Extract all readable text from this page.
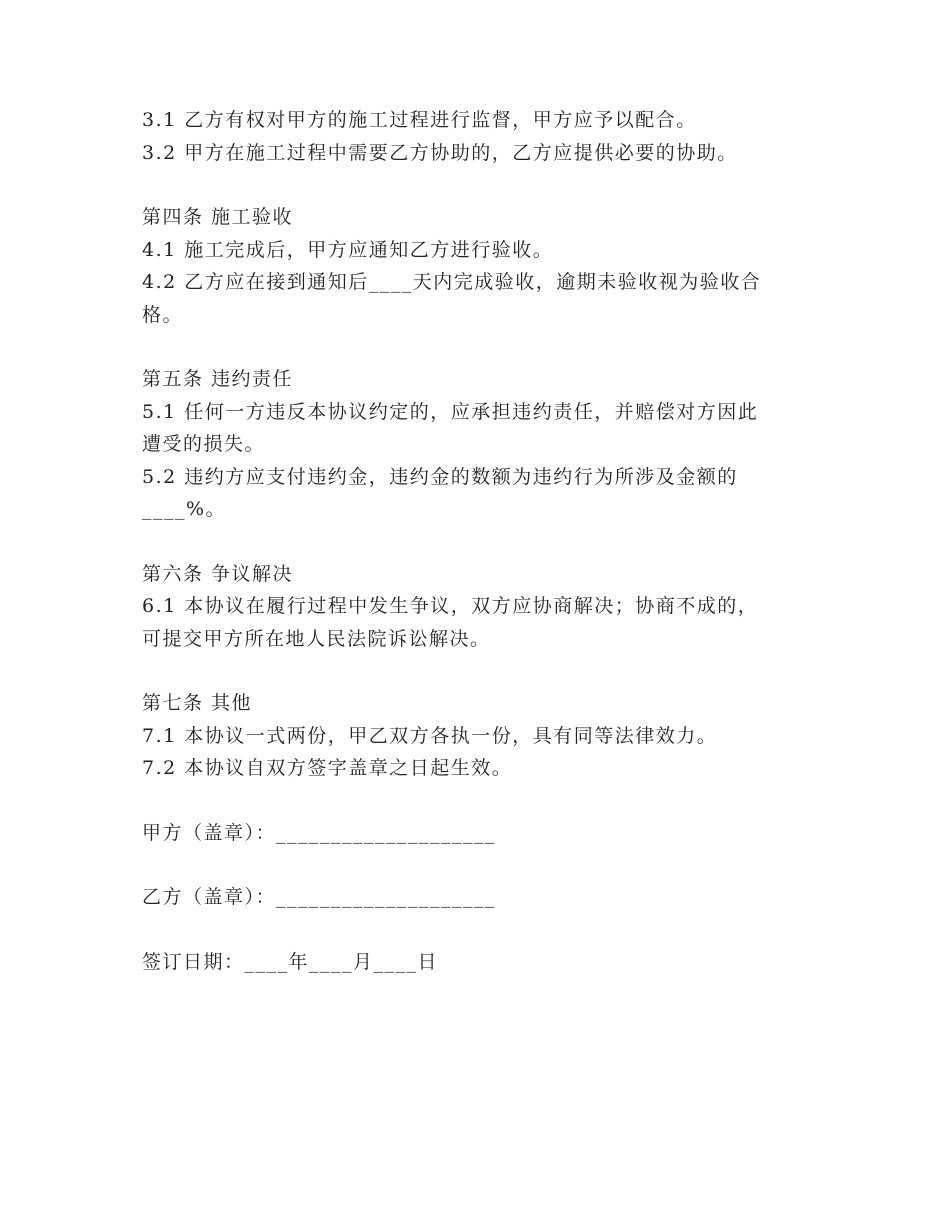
3.1 乙方有权对甲方的施工过程进行监督，甲方应予以配合。

3.2 甲方在施工过程中需要乙方协助的，乙方应提供必要的协助。

第四条 施工验收

4.1 施工完成后，甲方应通知乙方进行验收。

4.2 乙方应在接到通知后____天内完成验收，逾期未验收视为验收合

格。

第五条 违约责任

5.1 任何一方违反本协议约定的，应承担违约责任，并赔偿对方因此

遭受的损失。

5.2 违约方应支付违约金，违约金的数额为违约行为所涉及金额的

____%。

第六条 争议解决

6.1 本协议在履行过程中发生争议，双方应协商解决；协商不成的，

可提交甲方所在地人民法院诉讼解决。

第七条 其他

7.1 本协议一式两份，甲乙双方各执一份，具有同等法律效力。

7.2 本协议自双方签字盖章之日起生效。

甲方（盖章）：____________________

乙方（盖章）：____________________

签订日期：____年____月____日
